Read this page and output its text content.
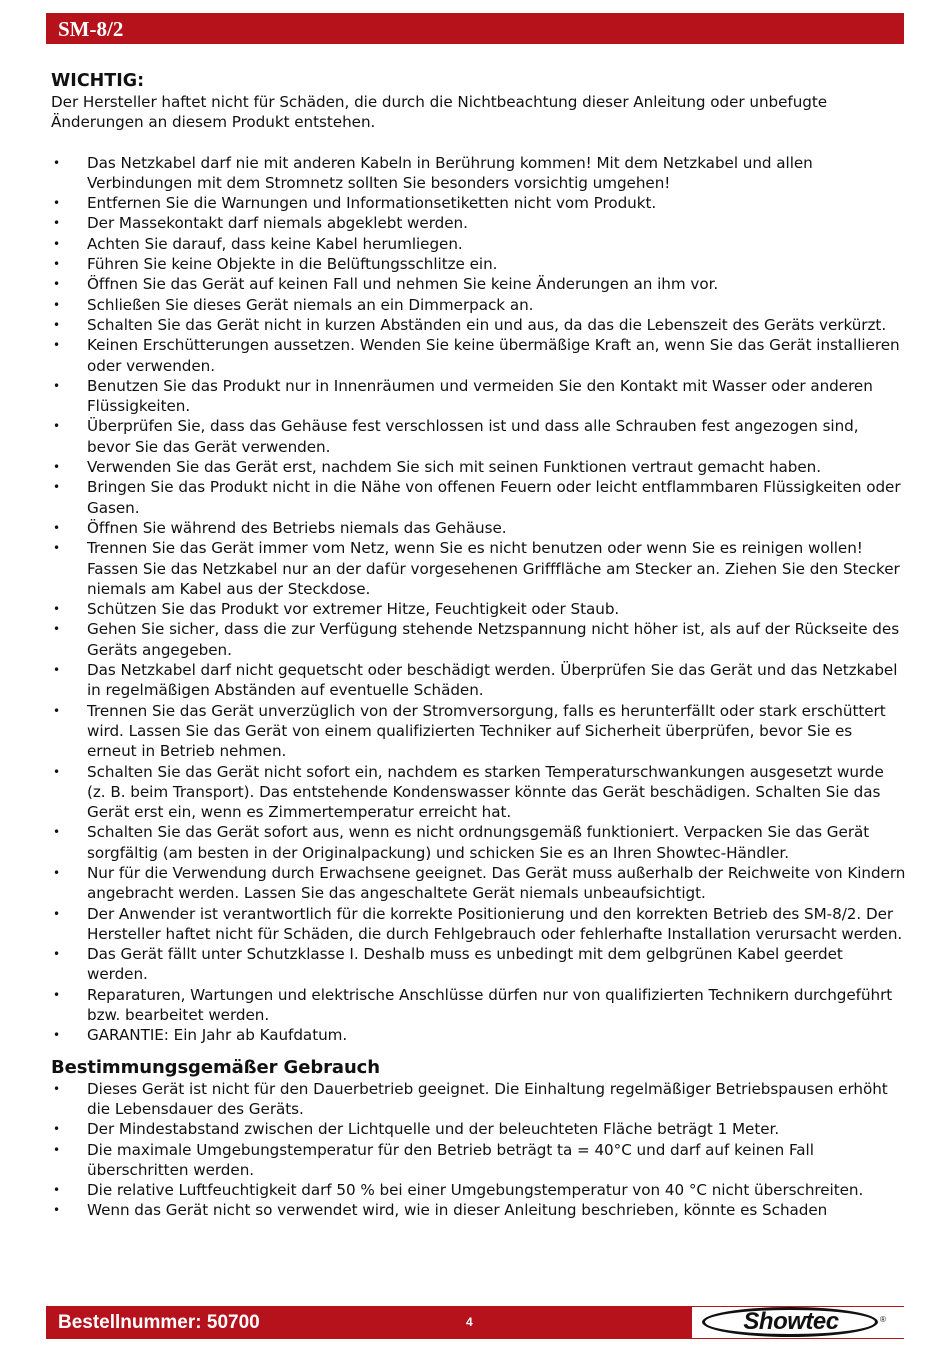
SM-8/2
WICHTIG:

Der Hersteller haftet nicht für Schäden, die durch die Nichtbeachtung dieser Anleitung oder unbefugte Änderungen an diesem Produkt entstehen.

• Das Netzkabel darf nie mit anderen Kabeln in Berührung kommen! Mit dem Netzkabel und allen Verbindungen mit dem Stromnetz sollten Sie besonders vorsichtig umgehen!
• Entfernen Sie die Warnungen und Informationsetiketten nicht vom Produkt.
• Der Massekontakt darf niemals abgeklebt werden.
• Achten Sie darauf, dass keine Kabel herumliegen.
• Führen Sie keine Objekte in die Belüftungsschlitze ein.
• Öffnen Sie das Gerät auf keinen Fall und nehmen Sie keine Änderungen an ihm vor.
• Schließen Sie dieses Gerät niemals an ein Dimmerpack an.
• Schalten Sie das Gerät nicht in kurzen Abständen ein und aus, da das die Lebenszeit des Geräts verkürzt.
• Keinen Erschütterungen aussetzen. Wenden Sie keine übermäßige Kraft an, wenn Sie das Gerät installieren oder verwenden.
• Benutzen Sie das Produkt nur in Innenräumen und vermeiden Sie den Kontakt mit Wasser oder anderen Flüssigkeiten.
• Überprüfen Sie, dass das Gehäuse fest verschlossen ist und dass alle Schrauben fest angezogen sind, bevor Sie das Gerät verwenden.
• Verwenden Sie das Gerät erst, nachdem Sie sich mit seinen Funktionen vertraut gemacht haben.
• Bringen Sie das Produkt nicht in die Nähe von offenen Feuern oder leicht entflammbaren Flüssigkeiten oder Gasen.
• Öffnen Sie während des Betriebs niemals das Gehäuse.
• Trennen Sie das Gerät immer vom Netz, wenn Sie es nicht benutzen oder wenn Sie es reinigen wollen! Fassen Sie das Netzkabel nur an der dafür vorgesehenen Grifffläche am Stecker an. Ziehen Sie den Stecker niemals am Kabel aus der Steckdose.
• Schützen Sie das Produkt vor extremer Hitze, Feuchtigkeit oder Staub.
• Gehen Sie sicher, dass die zur Verfügung stehende Netzspannung nicht höher ist, als auf der Rückseite des Geräts angegeben.
• Das Netzkabel darf nicht gequetscht oder beschädigt werden. Überprüfen Sie das Gerät und das Netzkabel in regelmäßigen Abständen auf eventuelle Schäden.
• Trennen Sie das Gerät unverzüglich von der Stromversorgung, falls es herunterfällt oder stark erschüttert wird. Lassen Sie das Gerät von einem qualifizierten Techniker auf Sicherheit überprüfen, bevor Sie es erneut in Betrieb nehmen.
• Schalten Sie das Gerät nicht sofort ein, nachdem es starken Temperaturschwankungen ausgesetzt wurde (z. B. beim Transport). Das entstehende Kondenswasser könnte das Gerät beschädigen. Schalten Sie das Gerät erst ein, wenn es Zimmertemperatur erreicht hat.
• Schalten Sie das Gerät sofort aus, wenn es nicht ordnungsgemäß funktioniert. Verpacken Sie das Gerät sorgfältig (am besten in der Originalpackung) und schicken Sie es an Ihren Showtec-Händler.
• Nur für die Verwendung durch Erwachsene geeignet. Das Gerät muss außerhalb der Reichweite von Kindern angebracht werden. Lassen Sie das angeschaltete Gerät niemals unbeaufsichtigt.
• Der Anwender ist verantwortlich für die korrekte Positionierung und den korrekten Betrieb des SM-8/2. Der Hersteller haftet nicht für Schäden, die durch Fehlgebrauch oder fehlerhafte Installation verursacht werden.
• Das Gerät fällt unter Schutzklasse I. Deshalb muss es unbedingt mit dem gelbgrünen Kabel geerdet werden.
• Reparaturen, Wartungen und elektrische Anschlüsse dürfen nur von qualifizierten Technikern durchgeführt bzw. bearbeitet werden.
• GARANTIE: Ein Jahr ab Kaufdatum.
Bestimmungsgemäßer Gebrauch
• Dieses Gerät ist nicht für den Dauerbetrieb geeignet. Die Einhaltung regelmäßiger Betriebspausen erhöht die Lebensdauer des Geräts.
• Der Mindestabstand zwischen der Lichtquelle und der beleuchteten Fläche beträgt 1 Meter.
• Die maximale Umgebungstemperatur für den Betrieb beträgt ta = 40°C und darf auf keinen Fall überschritten werden.
• Die relative Luftfeuchtigkeit darf 50 % bei einer Umgebungstemperatur von 40 °C nicht überschreiten.
• Wenn das Gerät nicht so verwendet wird, wie in dieser Anleitung beschrieben, könnte es Schaden
Bestellnummer: 50700	4	Showtec	®
